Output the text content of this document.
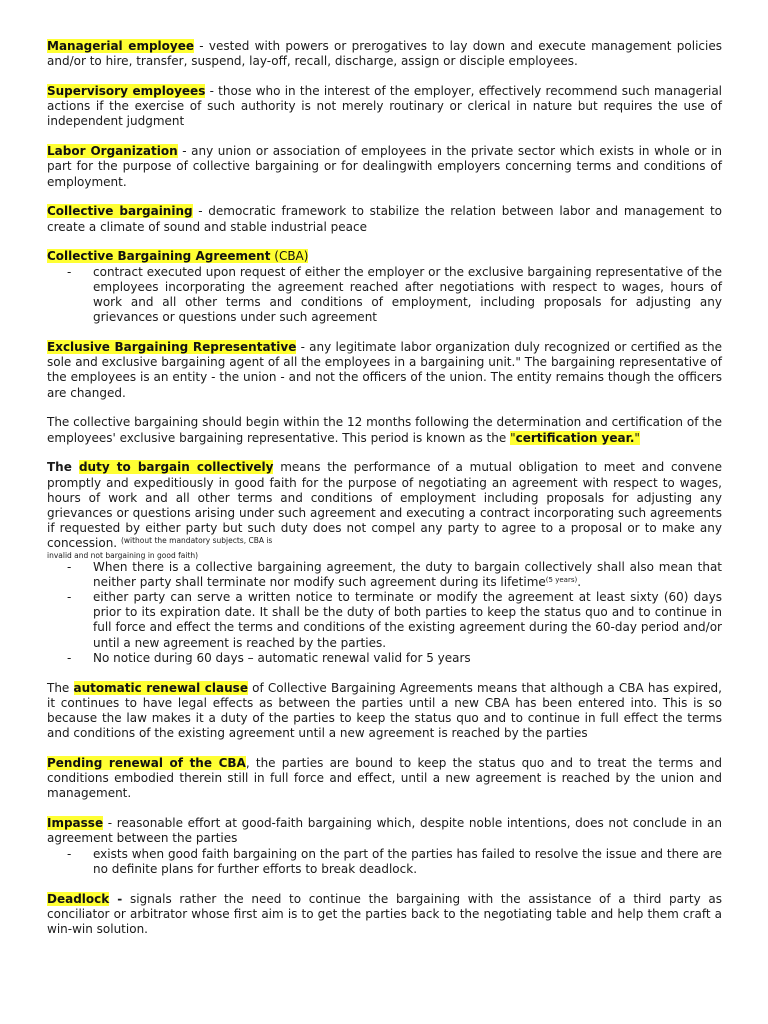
Managerial employee - vested with powers or prerogatives to lay down and execute management policies and/or to hire, transfer, suspend, lay-off, recall, discharge, assign or disciple employees.

Supervisory employees - those who in the interest of the employer, effectively recommend such managerial actions if the exercise of such authority is not merely routinary or clerical in nature but requires the use of independent judgment

Labor Organization - any union or association of employees in the private sector which exists in whole or in part for the purpose of collective bargaining or for dealingwith employers concerning terms and conditions of employment.

Collective bargaining - democratic framework to stabilize the relation between labor and management to create a climate of sound and stable industrial peace

Collective Bargaining Agreement (CBA)

- contract executed upon request of either the employer or the exclusive bargaining representative of the employees incorporating the agreement reached after negotiations with respect to wages, hours of work and all other terms and conditions of employment, including proposals for adjusting any grievances or questions under such agreement

Exclusive Bargaining Representative - any legitimate labor organization duly recognized or certified as the sole and exclusive bargaining agent of all the employees in a bargaining unit." The bargaining representative of the employees is an entity - the union - and not the officers of the union. The entity remains though the officers are changed.

The collective bargaining should begin within the 12 months following the determination and certification of the employees' exclusive bargaining representative. This period is known as the "certification year."

The duty to bargain collectively means the performance of a mutual obligation to meet and convene promptly and expeditiously in good faith for the purpose of negotiating an agreement with respect to wages, hours of work and all other terms and conditions of employment including proposals for adjusting any grievances or questions arising under such agreement and executing a contract incorporating such agreements if requested by either party but such duty does not compel any party to agree to a proposal or to make any concession. $^{(without the mandatory subjects, CBA is}$
invalid and not bargaining in good faith)

- When there is a collective bargaining agreement, the duty to bargain collectively shall also mean that neither party shall terminate nor modify such agreement during its lifetime$^{(5 years)}$.
- either party can serve a written notice to terminate or modify the agreement at least sixty (60) days prior to its expiration date. It shall be the duty of both parties to keep the status quo and to continue in full force and effect the terms and conditions of the existing agreement during the 60-day period and/or until a new agreement is reached by the parties.
- No notice during 60 days – automatic renewal valid for 5 years

The automatic renewal clause of Collective Bargaining Agreements means that although a CBA has expired, it continues to have legal effects as between the parties until a new CBA has been entered into. This is so because the law makes it a duty of the parties to keep the status quo and to continue in full effect the terms and conditions of the existing agreement until a new agreement is reached by the parties

Pending renewal of the CBA, the parties are bound to keep the status quo and to treat the terms and conditions embodied therein still in full force and effect, until a new agreement is reached by the union and management.

Impasse - reasonable effort at good-faith bargaining which, despite noble intentions, does not conclude in an agreement between the parties

- exists when good faith bargaining on the part of the parties has failed to resolve the issue and there are no definite plans for further efforts to break deadlock.

Deadlock - signals rather the need to continue the bargaining with the assistance of a third party as conciliator or arbitrator whose first aim is to get the parties back to the negotiating table and help them craft a win-win solution.
